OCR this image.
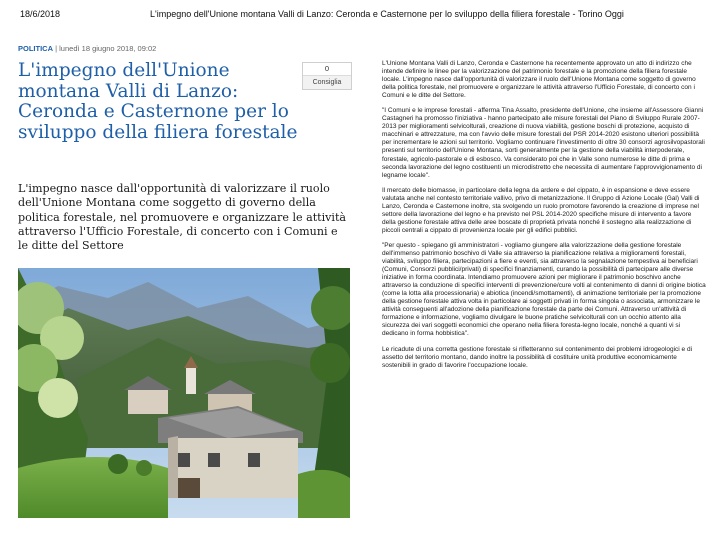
18/6/2018	L'impegno dell'Unione montana Valli di Lanzo: Ceronda e Casternone per lo sviluppo della filiera forestale - Torino Oggi
POLITICA | lunedì 18 giugno 2018, 09:02
L'impegno dell'Unione montana Valli di Lanzo: Ceronda e Casternone per lo sviluppo della filiera forestale
0
Consiglia

L'impegno nasce dall'opportunità di valorizzare il ruolo dell'Unione Montana come soggetto di governo della politica forestale, nel promuovere e organizzare le attività attraverso l'Ufficio Forestale, di concerto con i Comuni e le ditte del Settore

L'Unione Montana Valli di Lanzo, Ceronda e Casternone ha recentemente approvato un atto di indirizzo che intende definire le linee per la valorizzazione del patrimonio forestale e la promozione della filiera forestale locale. L'impegno nasce dall'opportunità di valorizzare il ruolo dell'Unione Montana come soggetto di governo della politica forestale, nel promuovere e organizzare le attività attraverso l'Ufficio Forestale, di concerto con i Comuni e le ditte del Settore.

"I Comuni e le imprese forestali - afferma Tina Assalto, presidente dell'Unione, che insieme all'Assessore Gianni Castagneri ha promosso l'iniziativa - hanno partecipato alle misure forestali del Piano di Sviluppo Rurale 2007-2013 per miglioramenti selvicolturali, creazione di nuova viabilità, gestione boschi di protezione, acquisto di macchinari e attrezzature, ma con l'avvio delle misure forestali del PSR 2014-2020 esistono ulteriori possibilità per incrementare le azioni sul territorio. Vogliamo continuare l'investimento di oltre 30 consorzi agrosilvopastorali presenti sul territorio dell'Unione Montana, sorti generalmente per la gestione della viabilità interpoderale, forestale, agricolo-pastorale e di esbosco. Va considerato poi che in Valle sono numerose le ditte di prima e seconda lavorazione del legno costituenti un microdistretto che necessita di aumentare l'approvvigionamento di legname locale".

Il mercato delle biomasse, in particolare della legna da ardere e del cippato, è in espansione e deve essere valutata anche nel contesto territoriale vallivo, privo di metanizzazione. Il Gruppo di Azione Locale (Gal) Valli di Lanzo, Ceronda e Casternone inoltre, sta svolgendo un ruolo promotore favorendo la creazione di imprese nel settore della lavorazione del legno e ha previsto nel PSL 2014-2020 specifiche misure di intervento a favore della gestione forestale attiva delle aree boscate di proprietà privata nonché il sostegno alla realizzazione di piccoli centrali a cippato di provenienza locale per gli edifici pubblici.

"Per questo - spiegano gli amministratori - vogliamo giungere alla valorizzazione della gestione forestale dell'immenso patrimonio boschivo di Valle sia attraverso la pianificazione relativa a miglioramenti forestali, viabilità, sviluppo filiera, partecipazioni a fiere e eventi, sia attraverso la segnalazione tempestiva ai beneficiari (Comuni, Consorzi pubblici/privati) di specifici finanziamenti, curando la possibilità di partecipare alle diverse iniziative in forma coordinata. Intendiamo promuovere azioni per migliorare il patrimonio boschivo anche attraverso la conduzione di specifici interventi di prevenzione/cure volti al contenimento di danni di origine biotica (come la lotta alla processionaria) e abiotica (incendi/smottamenti), di animazione territoriale per la promozione della gestione forestale attiva volta in particolare ai soggetti privati in forma singola o associata, armonizzare le attività conseguenti all'adozione della pianificazione forestale da parte dei Comuni. Attraverso un'attività di formazione e informazione, vogliamo divulgare le buone pratiche selvicolturali con un occhio attento alla sicurezza dei vari soggetti economici che operano nella filiera foresta-legno locale, nonché a quanti vi si dedicano in forma hobbistica".

Le ricadute di una corretta gestione forestale si rifletteranno sul contenimento dei problemi idrogeologici e di assetto del territorio montano, dando inoltre la possibilità di costituire unità produttive economicamente sostenibili in grado di favorire l'occupazione locale.
